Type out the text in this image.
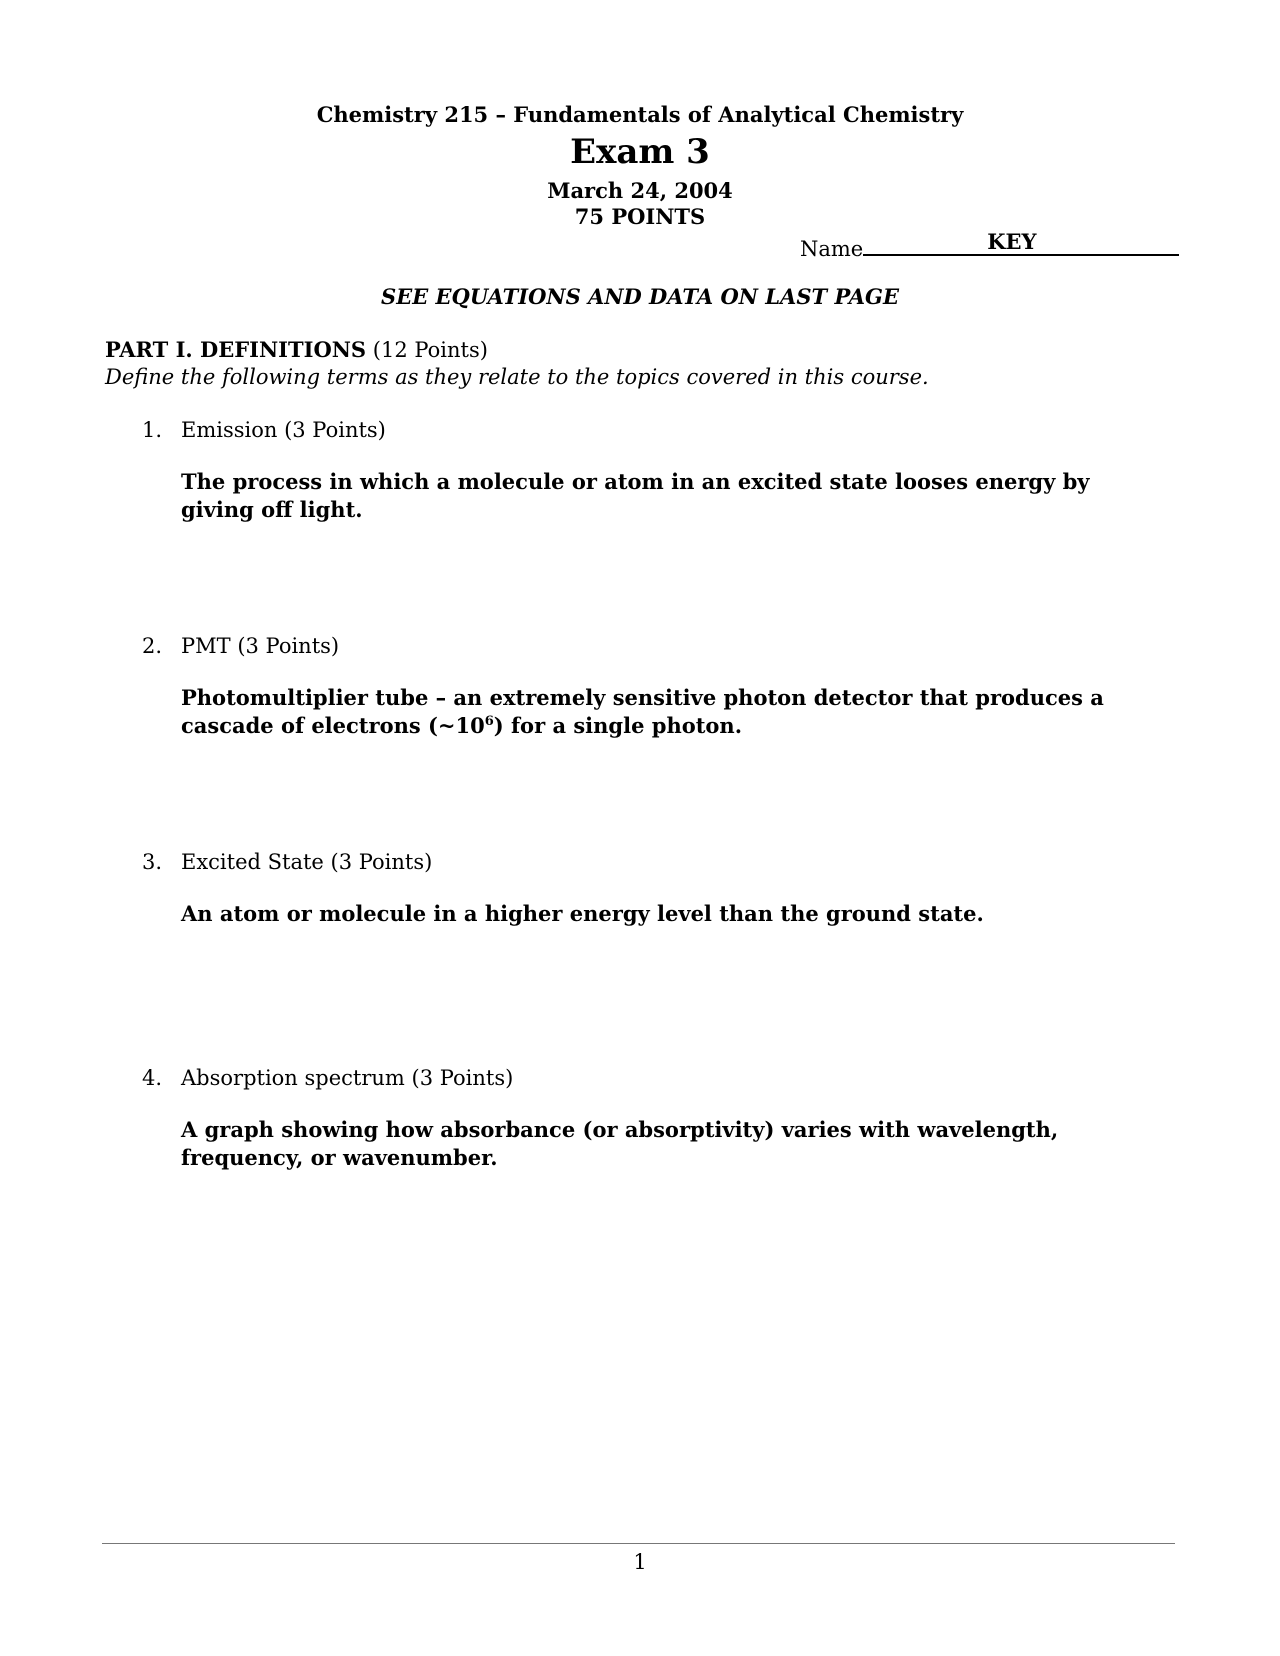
Chemistry 215 – Fundamentals of Analytical Chemistry
Exam 3
March 24, 2004
75 POINTS
Name	KEY
SEE EQUATIONS AND DATA ON LAST PAGE
PART I. DEFINITIONS (12 Points)
Define the following terms as they relate to the topics covered in this course.
1. Emission (3 Points)
The process in which a molecule or atom in an excited state looses energy by giving off light.
2. PMT (3 Points)
Photomultiplier tube – an extremely sensitive photon detector that produces a cascade of electrons $(\sim 10^6)$ for a single photon.
3. Excited State (3 Points)
An atom or molecule in a higher energy level than the ground state.
4. Absorption spectrum (3 Points)
A graph showing how absorbance (or absorptivity) varies with wavelength, frequency, or wavenumber.
1
